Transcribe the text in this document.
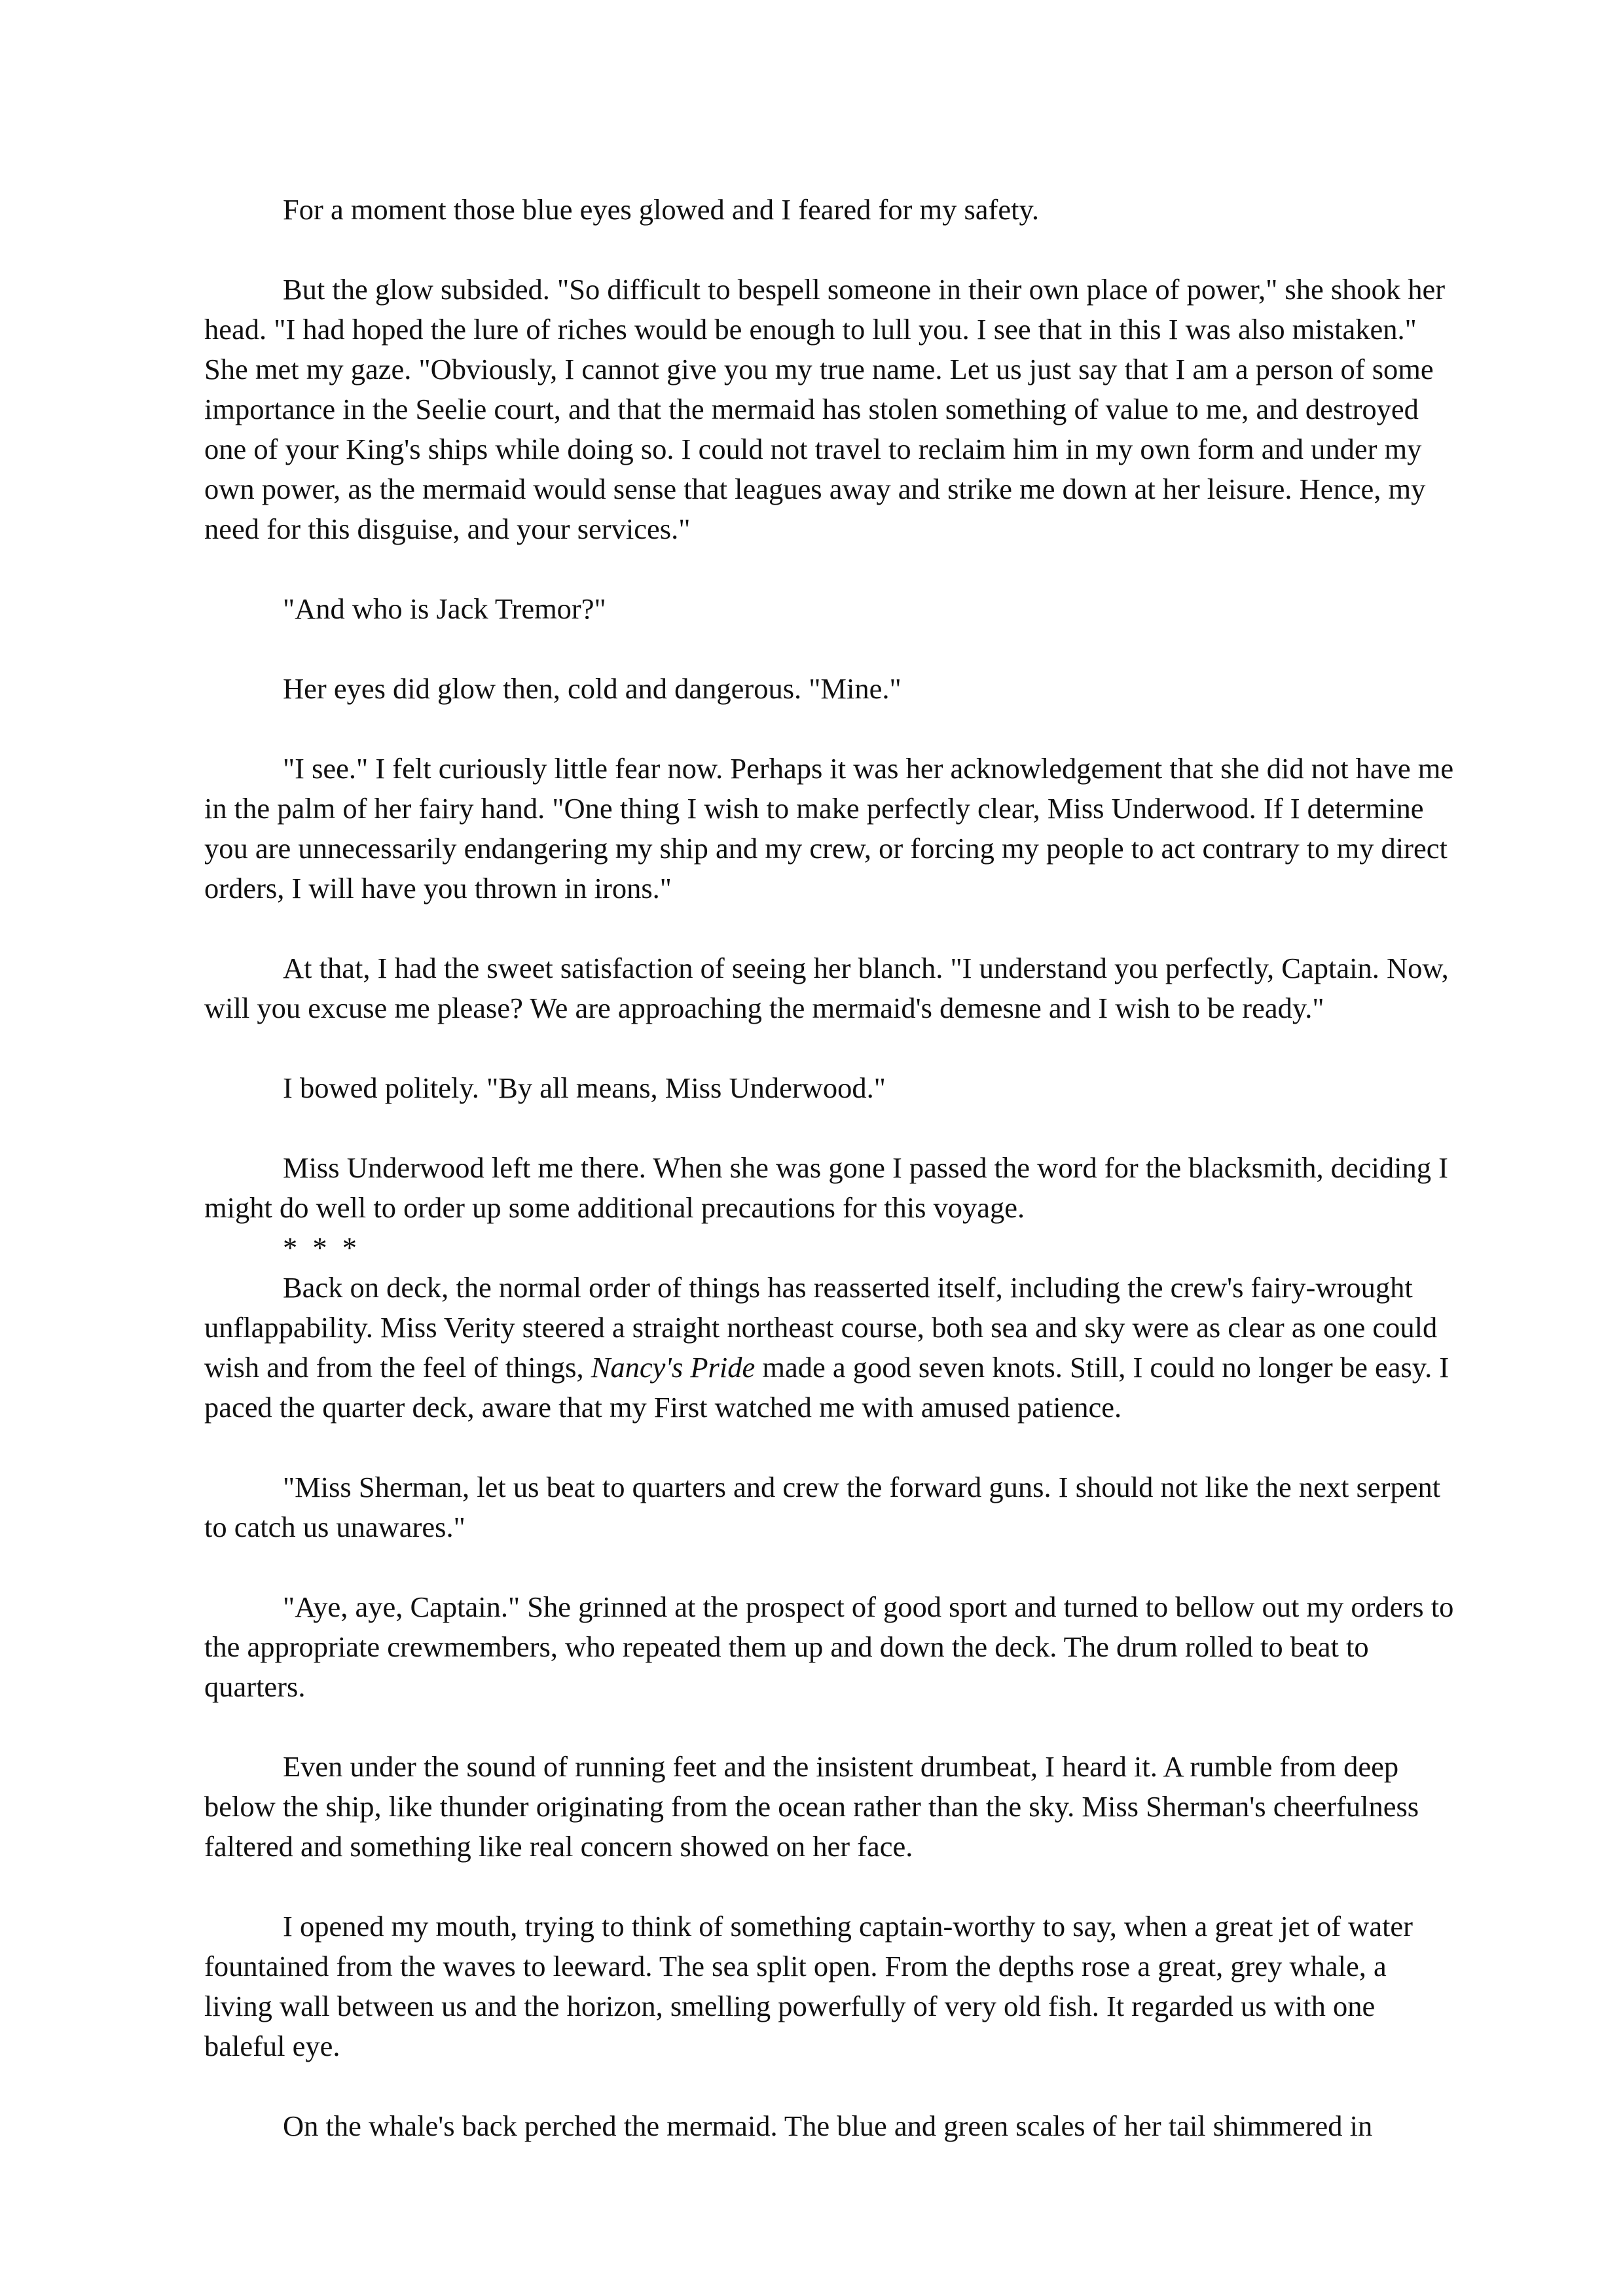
For a moment those blue eyes glowed and I feared for my safety.

But the glow subsided. "So difficult to bespell someone in their own place of power," she shook her head. "I had hoped the lure of riches would be enough to lull you. I see that in this I was also mistaken." She met my gaze. "Obviously, I cannot give you my true name. Let us just say that I am a person of some importance in the Seelie court, and that the mermaid has stolen something of value to me, and destroyed one of your King's ships while doing so. I could not travel to reclaim him in my own form and under my own power, as the mermaid would sense that leagues away and strike me down at her leisure. Hence, my need for this disguise, and your services."

"And who is Jack Tremor?"

Her eyes did glow then, cold and dangerous. "Mine."

"I see." I felt curiously little fear now. Perhaps it was her acknowledgement that she did not have me in the palm of her fairy hand. "One thing I wish to make perfectly clear, Miss Underwood. If I determine you are unnecessarily endangering my ship and my crew, or forcing my people to act contrary to my direct orders, I will have you thrown in irons."

At that, I had the sweet satisfaction of seeing her blanch. "I understand you perfectly, Captain. Now, will you excuse me please? We are approaching the mermaid's demesne and I wish to be ready."

I bowed politely. "By all means, Miss Underwood."

Miss Underwood left me there. When she was gone I passed the word for the blacksmith, deciding I might do well to order up some additional precautions for this voyage.

* * *

Back on deck, the normal order of things has reasserted itself, including the crew's fairy-wrought unflappability. Miss Verity steered a straight northeast course, both sea and sky were as clear as one could wish and from the feel of things, Nancy's Pride made a good seven knots. Still, I could no longer be easy. I paced the quarter deck, aware that my First watched me with amused patience.

"Miss Sherman, let us beat to quarters and crew the forward guns. I should not like the next serpent to catch us unawares."

"Aye, aye, Captain." She grinned at the prospect of good sport and turned to bellow out my orders to the appropriate crewmembers, who repeated them up and down the deck. The drum rolled to beat to quarters.

Even under the sound of running feet and the insistent drumbeat, I heard it. A rumble from deep below the ship, like thunder originating from the ocean rather than the sky. Miss Sherman's cheerfulness faltered and something like real concern showed on her face.

I opened my mouth, trying to think of something captain-worthy to say, when a great jet of water fountained from the waves to leeward. The sea split open. From the depths rose a great, grey whale, a living wall between us and the horizon, smelling powerfully of very old fish. It regarded us with one baleful eye.

On the whale's back perched the mermaid. The blue and green scales of her tail shimmered in
